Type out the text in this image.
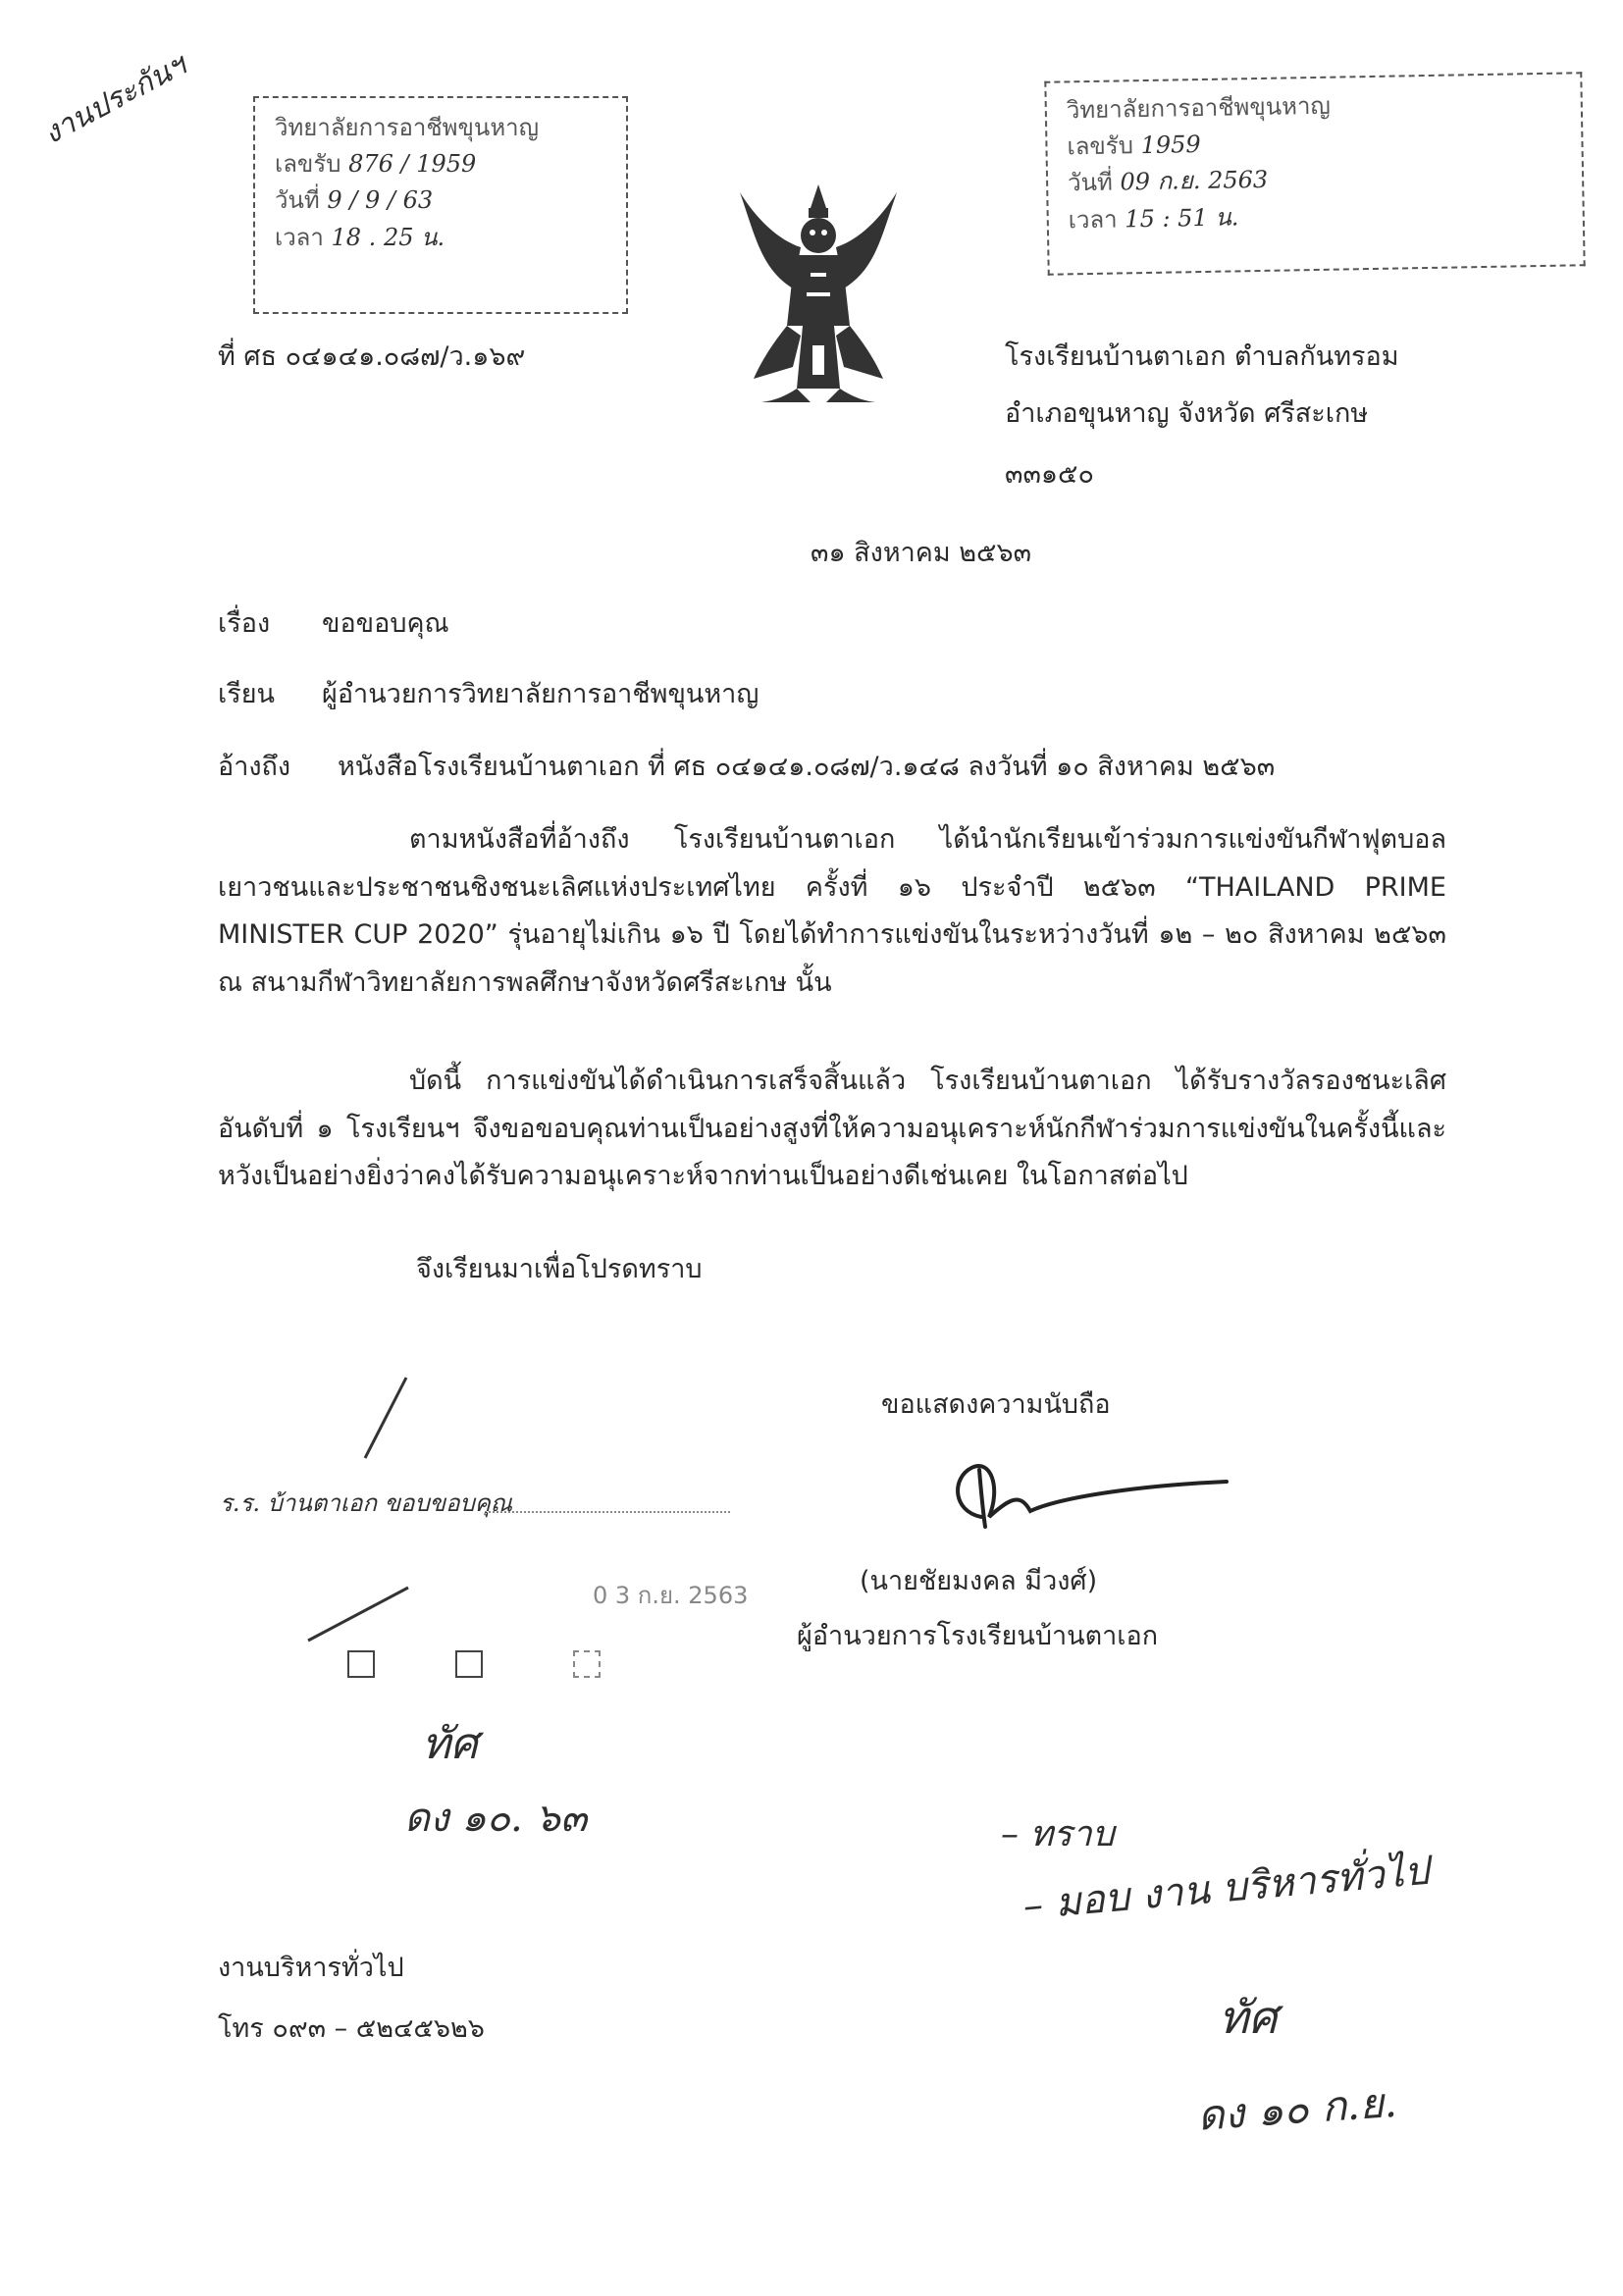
งานประกันฯ	วิทยาลัยการอาชีพขุนหาญ
เลขรับ 876 / 1959
วันที่ 9 / 9 / 63
เวลา 18 . 25 น.
วิทยาลัยการอาชีพขุนหาญ
เลขรับ 1959
วันที่ 09 ก.ย. 2563
เวลา 15 : 51 น.
ที่ ศธ ๐๔๑๔๑.๐๘๗/ว.๑๖๙	โรงเรียนบ้านตาเอก ตำบลกันทรอม
อำเภอขุนหาญ จังหวัด ศรีสะเกษ
๓๓๑๕๐
๓๑ สิงหาคม ๒๕๖๓
เรื่อง ขอขอบคุณ
เรียน ผู้อำนวยการวิทยาลัยการอาชีพขุนหาญ
อ้างถึง หนังสือโรงเรียนบ้านตาเอก ที่ ศธ ๐๔๑๔๑.๐๘๗/ว.๑๔๘ ลงวันที่ ๑๐ สิงหาคม ๒๕๖๓
ตามหนังสือที่อ้างถึง โรงเรียนบ้านตาเอก ได้นำนักเรียนเข้าร่วมการแข่งขันกีฬาฟุตบอลเยาวชนและประชาชนชิงชนะเลิศแห่งประเทศไทย ครั้งที่ ๑๖ ประจำปี ๒๕๖๓ “THAILAND PRIME MINISTER CUP 2020” รุ่นอายุไม่เกิน ๑๖ ปี โดยได้ทำการแข่งขันในระหว่างวันที่ ๑๒ – ๒๐ สิงหาคม ๒๕๖๓ ณ สนามกีฬาวิทยาลัยการพลศึกษาจังหวัดศรีสะเกษ นั้น
บัดนี้ การแข่งขันได้ดำเนินการเสร็จสิ้นแล้ว โรงเรียนบ้านตาเอก ได้รับรางวัลรองชนะเลิศอันดับที่ ๑ โรงเรียนฯ จึงขอขอบคุณท่านเป็นอย่างสูงที่ให้ความอนุเคราะห์นักกีฬาร่วมการแข่งขันในครั้งนี้และหวังเป็นอย่างยิ่งว่าคงได้รับความอนุเคราะห์จากท่านเป็นอย่างดีเช่นเคย ในโอกาสต่อไป
จึงเรียนมาเพื่อโปรดทราบ
ขอแสดงความนับถือ
(นายชัยมงคล มีวงศ์)
ผู้อำนวยการโรงเรียนบ้านตาเอก
ร.ร. บ้านตาเอก ขอบขอบคุณ
0 3 ก.ย. 2563
ทัศ
ดง ๑๐. ๖๓	– ทราบ
– มอบ งาน บริหารทั่วไป
ทัศ
ดง ๑๐ ก.ย.
งานบริหารทั่วไป
โทร ๐๙๓ – ๕๒๔๕๖๒๖
